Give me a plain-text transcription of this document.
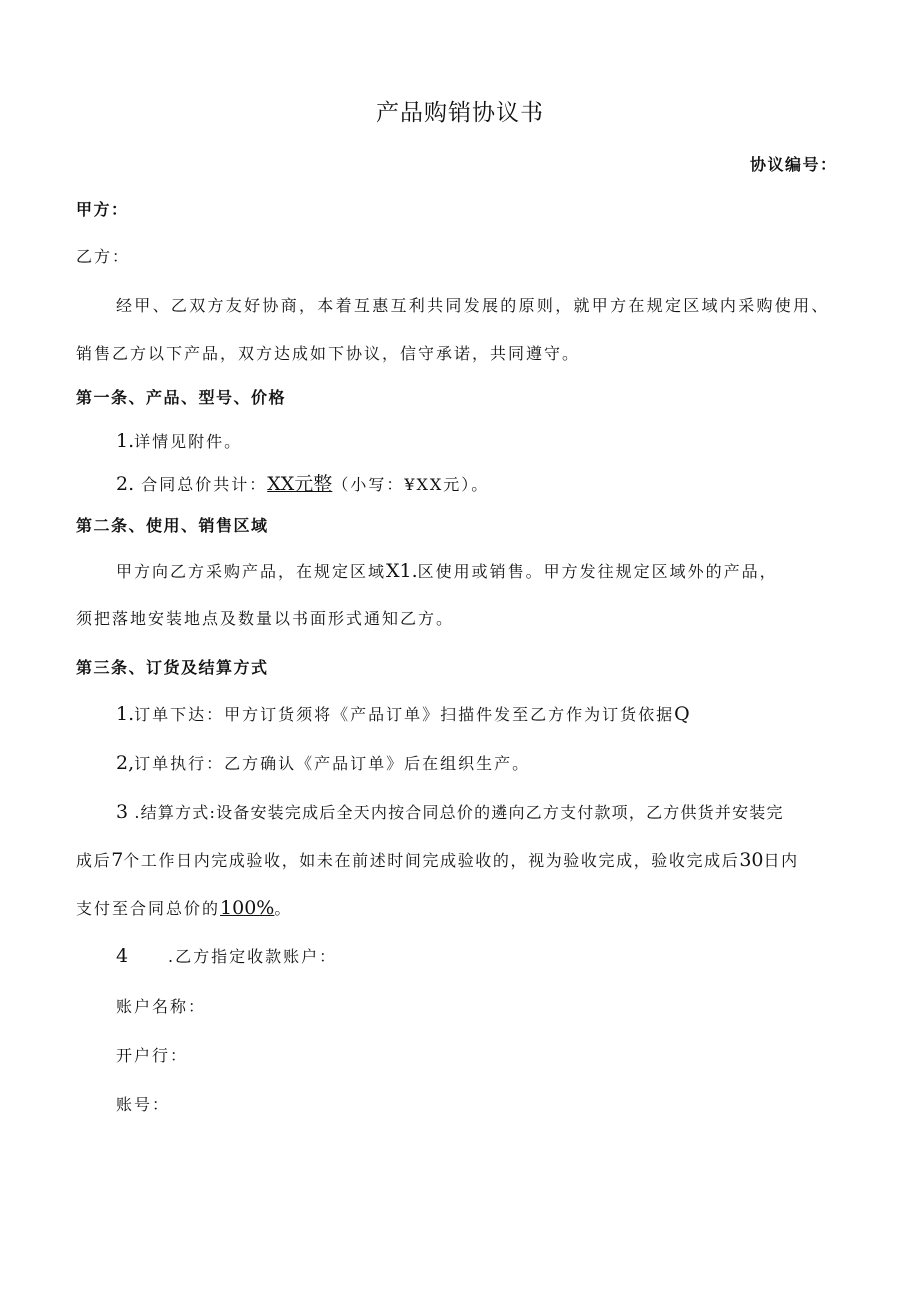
产品购销协议书
协议编号：
甲方：
乙方：
经甲、乙双方友好协商，本着互惠互利共同发展的原则，就甲方在规定区域内采购使用、
销售乙方以下产品，双方达成如下协议，信守承诺，共同遵守。
第一条、产品、型号、价格
1.详情见附件。
2. 合同总价共计：XX元整（小写：¥XX元）。
第二条、使用、销售区域
甲方向乙方采购产品，在规定区域X1.区使用或销售。甲方发往规定区域外的产品，
须把落地安装地点及数量以书面形式通知乙方。
第三条、订货及结算方式
1.订单下达：甲方订货须将《产品订单》扫描件发至乙方作为订货依据Q
2,订单执行：乙方确认《产品订单》后在组织生产。
3 .结算方式:设备安装完成后全天内按合同总价的遴向乙方支付款项，乙方供货并安装完
成后7个工作日内完成验收，如未在前述时间完成验收的，视为验收完成，验收完成后30日内
支付至合同总价的100%。
4 .乙方指定收款账户：
账户名称：
开户行：
账号：
